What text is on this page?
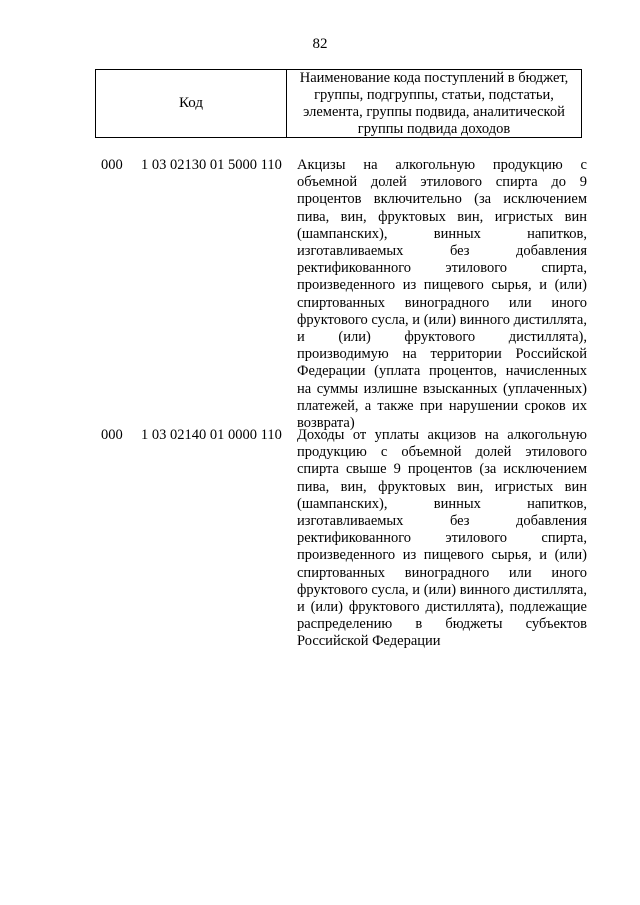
82
Код
Наименование кода поступлений в бюджет, группы, подгруппы, статьи, подстатьи, элемента, группы подвида, аналитической группы подвида доходов
000 1 03 02130 01 5000 110 Акцизы на алкогольную продукцию с объемной долей этилового спирта до 9 процентов включительно (за исключением пива, вин, фруктовых вин, игристых вин (шампанских), винных напитков, изготавливаемых без добавления ректификованного этилового спирта, произведенного из пищевого сырья, и (или) спиртованных виноградного или иного фруктового сусла, и (или) винного дистиллята, и (или) фруктового дистиллята), производимую на территории Российской Федерации (уплата процентов, начисленных на суммы излишне взысканных (уплаченных) платежей, а также при нарушении сроков их возврата)

000 1 03 02140 01 0000 110 Доходы от уплаты акцизов на алкогольную продукцию с объемной долей этилового спирта свыше 9 процентов (за исключением пива, вин, фруктовых вин, игристых вин (шампанских), винных напитков, изготавливаемых без добавления ректификованного этилового спирта, произведенного из пищевого сырья, и (или) спиртованных виноградного или иного фруктового сусла, и (или) винного дистиллята, и (или) фруктового дистиллята), подлежащие распределению в бюджеты субъектов Российской Федерации
